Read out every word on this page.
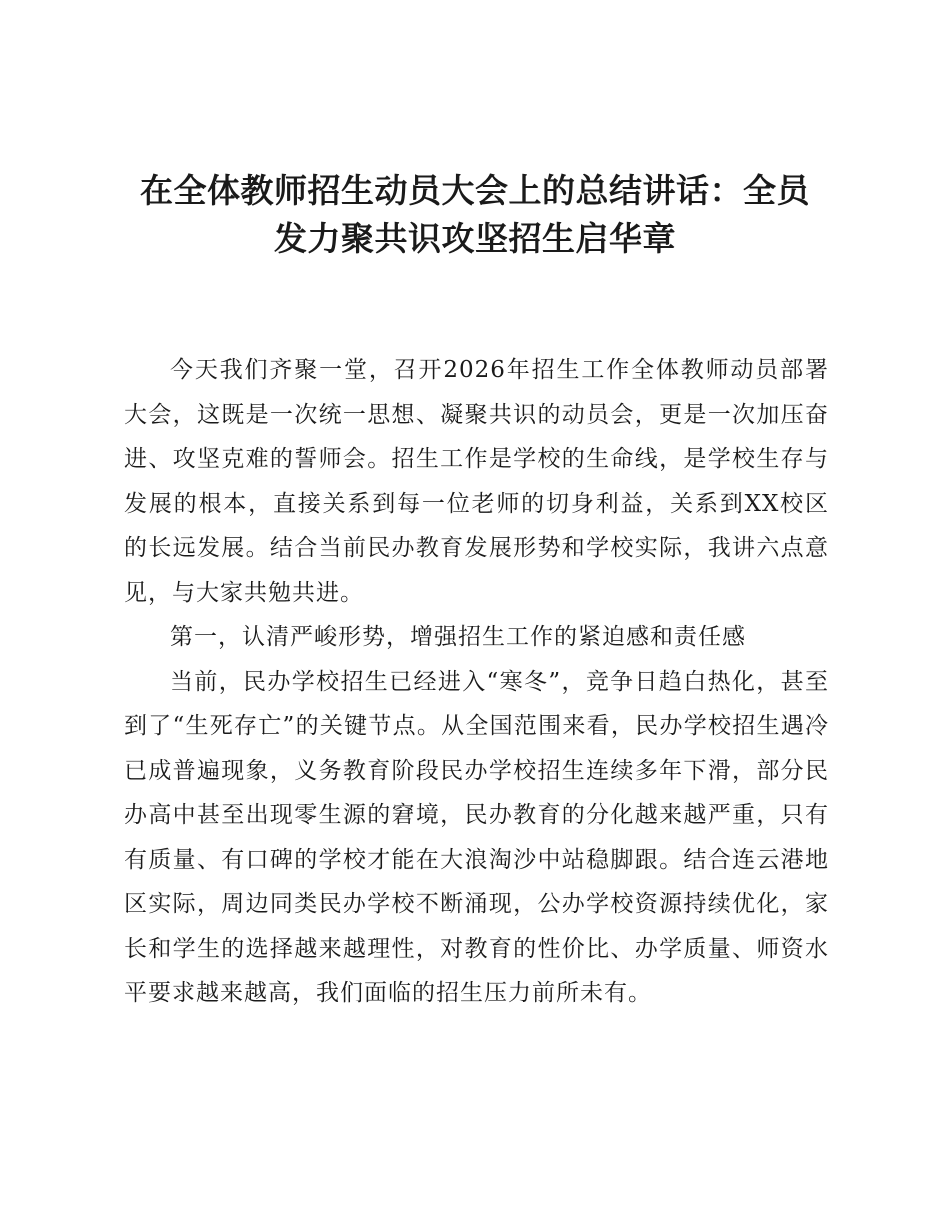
在全体教师招生动员大会上的总结讲话：全员
发力聚共识攻坚招生启华章

今天我们齐聚一堂，召开2026年招生工作全体教师动员部署大会，这既是一次统一思想、凝聚共识的动员会，更是一次加压奋进、攻坚克难的誓师会。招生工作是学校的生命线，是学校生存与发展的根本，直接关系到每一位老师的切身利益，关系到XX校区的长远发展。结合当前民办教育发展形势和学校实际，我讲六点意见，与大家共勉共进。

第一，认清严峻形势，增强招生工作的紧迫感和责任感

当前，民办学校招生已经进入“寒冬”，竞争日趋白热化，甚至到了“生死存亡”的关键节点。从全国范围来看，民办学校招生遇冷已成普遍现象，义务教育阶段民办学校招生连续多年下滑，部分民办高中甚至出现零生源的窘境，民办教育的分化越来越严重，只有有质量、有口碑的学校才能在大浪淘沙中站稳脚跟。结合连云港地区实际，周边同类民办学校不断涌现，公办学校资源持续优化，家长和学生的选择越来越理性，对教育的性价比、办学质量、师资水平要求越来越高，我们面临的招生压力前所未有。
